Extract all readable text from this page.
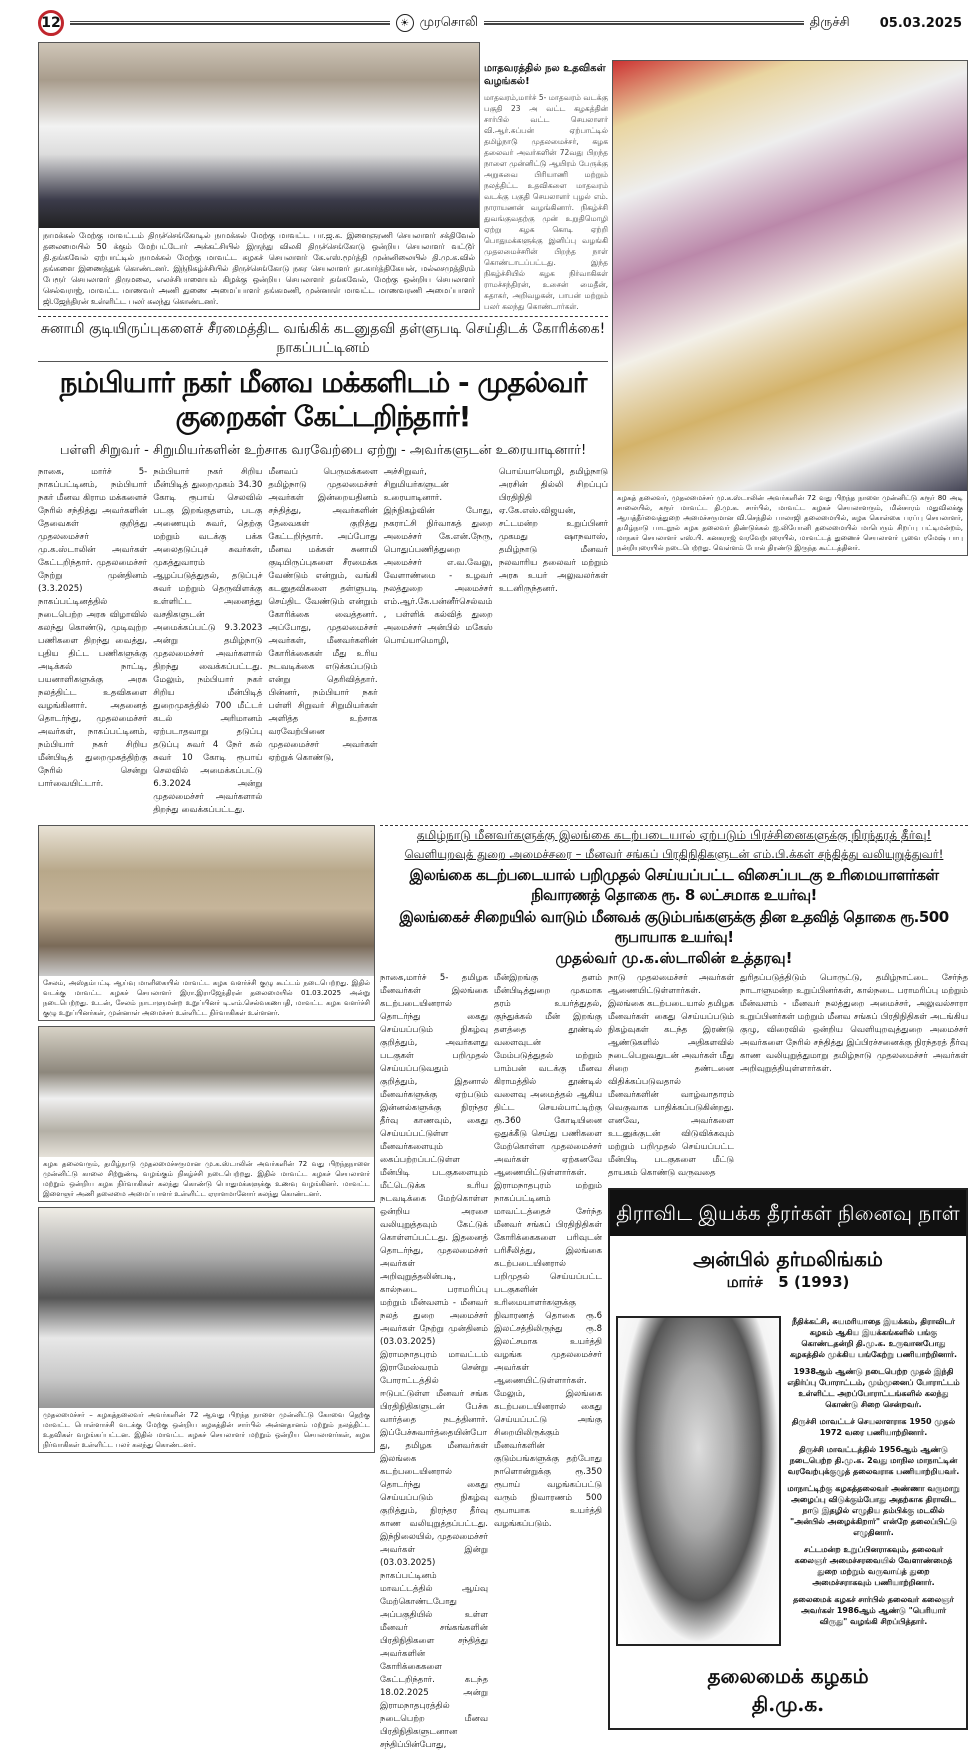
12	☀ முரசொலி	திருச்சி 05.03.2025
நாமக்கல் மேற்கு மாவட்டம் திருச்செங்கோடில் நாமக்கல் மேற்கு மாவட்ட பா.ஜ.க. இளைஞரணி செயலாளர் சக்திவேல் தலைமையில் 50 க்கும் மேற்பட்டோர் அக்கட்சியில் இருந்து விலகி திருச்செங்கோடு ஒன்றிய செயலாளர் வட்டூர் தி.தங்கவேல் ஏற்பாட்டில் நாமக்கல் மேற்கு மாவட்ட கழகச் செயலாளர் கே.எஸ்.மூர்த்தி முன்னிலையில் தி.மு.க.வில் தங்களை இணைத்துக் கொண்டனர். இந்நிகழ்ச்சியில் திருச்செங்கோடு நகர செயலாளர் தா.கார்த்திகேயன், மல்லசமுத்திரம் பேரூர் செயலாளர் திருமலை, எலச்சிபாளையம் கிழக்கு ஒன்றிய செயலாளர் தங்கவேல், மேற்கு ஒன்றிய செயலாளர் செல்வராஜ், மாவட்ட மாணவர் அணி துணை அமைப்பாளர் தங்கமணி, முன்னாள் மாவட்ட மாணவரணி அமைப்பாளர் ஜி.ஜேந்திரன் உள்ளிட்ட பலர் கலந்து கொண்டனர்.
மாதவரத்தில் நல உதவிகள் வழங்கல்!
மாதவரம்,மார்ச் 5- மாதவரம் வடக்கு பகுதி 23 அ வட்ட கழகத்தின் சார்பில் வட்ட செயலாளர் வி.ஆர்.சுப்பன் ஏற்பாட்டில் தமிழ்நாடு முதலமைச்சர், கழக தலைவர் அவர்களின் 72வது பிறந்த நாளை முன்னிட்டு ஆயிரம் பேருக்கு அறுசுவை பிரியாணி மற்றும் நலத்திட்ட உதவிகளை மாதவரம் வடக்கு பகுதி செயலாளர் புழல் எம். நாராயணன் வழங்கினார். நிகழ்ச்சி துவங்குவதற்கு முன் உறுதிமொழி ஏற்று கழக கொடி ஏற்றி பொதுமக்களுக்கு இனிப்பு வழங்கி முதலமைச்சரின் பிறந்த நாள் கொண்டாடப்பட்டது. இந்த நிகழ்ச்சியில் கழக நிர்வாகிகள் ராமச்சந்திரன், உசைன் மைதீன், சுதாகர், அறிவழகன், பாபன் மற்றும் பலர் கலந்து கொண்டார்கள்.
சுனாமி குடியிருப்புகளைச் சீரமைத்திட வங்கிக் கடனுதவி தள்ளுபடி செய்திடக் கோரிக்கை! நாகப்பட்டினம்
நம்பியார் நகர் மீனவ மக்களிடம் - முதல்வர் குறைகள் கேட்டறிந்தார்!
பள்ளி சிறுவர் - சிறுமியர்களின் உற்சாக வரவேற்பை ஏற்று - அவர்களுடன் உரையாடினார்!
நாகை, மார்ச் 5- நாகப்பட்டினம், நம்பியார் நகர் மீனவ கிராம மக்களைச் நேரில் சந்தித்து அவர்களின் தேவைகள் குறித்து முதலமைச்சர் மு.க.ஸ்டாலின் அவர்கள் கேட்டறிந்தார். முதலமைச்சர் நேற்று முன்தினம் (3.3.2025) நாகப்பட்டினத்தில் நடைபெற்ற அரசு விழாவில் கலந்து கொண்டு, முடிவுற்ற பணிகளை திறந்து வைத்து, புதிய திட்ட பணிகளுக்கு அடிக்கல் நாட்டி, பயனாளிகளுக்கு அரசு நலத்திட்ட உதவிகளை வழங்கினார். அதனைத் தொடர்ந்து, முதலமைச்சர் அவர்கள், நாகப்பட்டினம், நம்பியார் நகர் சிறிய மீன்பிடித் துறைமுகத்திற்கு நேரில் சென்று பார்வையிட்டார்.
நம்பியார் நகர் சிறிய மீன்பிடித் துறைமுகம் 34.30 கோடி ரூபாய் செலவில் படகு இறங்குதளம், படகு அணையும் சுவர், தெற்கு மற்றும் வடக்கு பக்க அலைதடுப்புச் சுவர்கள், முகத்துவாரம் ஆழப்படுத்துதல், தடுப்புச் சுவர் மற்றும் தெருவிளக்கு உள்ளிட்ட அனைத்து வசதிகளுடன் அமைக்கப்பட்டு 9.3.2023 அன்று தமிழ்நாடு முதலமைச்சர் அவர்களால் திறந்து வைக்கப்பட்டது. மேலும், நம்பியார் நகர் சிறிய மீன்பிடித் துறைமுகத்தில் 700 மீட்டர் கடல் அரிமானம் ஏற்படாதவாறு தடுப்பு தடுப்பு சுவர் 4 நேர் கல் சுவர் 10 கோடி ரூபாய் செலவில் அமைக்கப்பட்டு 6.3.2024 அன்று முதலமைச்சர் அவர்களால் திறந்து வைக்கப்பட்டது.
மீனவப் பெருமக்களை தமிழ்நாடு முதலமைச்சர் அவர்கள் இன்றையதினம் சந்தித்து, அவர்களின் தேவைகள் குறித்து கேட்டறிந்தார். அப்போது மீனவ மக்கள் சுனாமி குடியிருப்புகளை சீரமைக்க வேண்டும் என்றும், வங்கி கடனுதவிகளை தள்ளுபடி செய்திட வேண்டும் என்றும் கோரிக்கை வைத்தனர். அப்போது, முதலமைச்சர் அவர்கள், மீனவர்களின் கோரிக்கைகள் மீது உரிய நடவடிக்கை எடுக்கப்படும் என்று தெரிவித்தார். பின்னர், நம்பியார் நகர் பள்ளி சிறுவர் சிறுமியர்கள் அளித்த உற்சாக வரவேற்பினை முதலமைச்சர் அவர்கள் ஏற்றுக் கொண்டு,
அச்சிறுவர், சிறுமியர்களுடன் உரையாடினார். இந்நிகழ்வின் போது, நகராட்சி நிர்வாகத் துறை அமைச்சர் கே.என்.நேரு, பொதுப்பணித்துறை அமைச்சர் எ.வ.வேலு, வேளாண்மை - உழவர் நலத்துறை அமைச்சர் எம்.ஆர்.கே.பன்னீர்செல்வம், பள்ளிக் கல்வித் துறை அமைச்சர் அன்பில் மகேஸ் பொய்யாமொழி,
பொய்யாமொழி, தமிழ்நாடு அரசின் தில்லி சிறப்புப் பிரதிநிதி ஏ.கே.எஸ்.விஜயன், சட்டமன்ற உறுப்பினர் முகமது ஷாநவாஸ், தமிழ்நாடு மீனவர் நலவாரிய தலைவர் மற்றும் அரசு உயர் அலுவலர்கள் உடனிருந்தனர்.
கழகத் தலைவர், முதலமைச்சர் மு.க.ஸ்டாலின் அவர்களின் 72 வது பிறந்த நாளை முன்னிட்டு கரூர் 80 அடி சாலையில், கரூர் மாவட்ட தி.மு.க. சார்பில், மாவட்ட கழகச் செயலாளரும், மின்சாரம் மதுவிலக்கு ஆயத்தீர்வைத்துறை அமைச்சருமான வி.செந்தில் பாலாஜி தலைமையில், கழக கொள்கை பரப்பு செயலாளர், தமிழ்நாடு பாடநூல் கழக தலைவர் திண்டுக்கல் ஐ.லியோனி தலைமையில் மாபெரும் சிறப்பு பட்டிமன்றம், மாநகர் செயலாளர் எஸ்.பி. கனகராஜ் வரவேற்புரையில், மாவட்டத் துணைச் செயலாளர் பூவை ரமேஷ் பாபு நன்றியுரையில் நடைபெற்றது. வெள்ளம் போல் திரண்டு இருந்த கூட்டத்தினர்.
சேலம், அஸ்தம்பட்டி ஆய்வு மாளிகையில் மாவட்ட கழக வளர்ச்சி குழு கூட்டம் நடைபெற்றது. இதில் வடக்கு மாவட்ட கழகச் செயலாளர் இரா.இராஜேந்திரன் தலைமையில் 01.03.2025 அன்று நடைபெற்றது. உடன், சேலம் நாடாளுமன்ற உறுப்பினர் டி.எம்.செல்வகணபதி, மாவட்ட கழக வளர்ச்சி குழு உறுப்பினர்கள், முன்னாள் அமைச்சர் உள்ளிட்ட நிர்வாகிகள் உள்ளனர்.
கழக தலைவரும், தமிழ்நாடு முதலமைச்சருமான மு.க.ஸ்டாலின் அவர்களின் 72 வது பிறந்தநாளை முன்னிட்டு காலை சிற்றுண்டி வழங்கும் நிகழ்ச்சி நடைபெற்றது. இதில் மாவட்ட கழகச் செயலாளர் மற்றும் ஒன்றிய கழக நிர்வாகிகள் கலந்து கொண்டு பொதுமக்களுக்கு உணவு வழங்கினர். மாவட்ட இளைஞர் அணி தலைமை அமைப்பாளர் உள்ளிட்ட ஏராளமானோர் கலந்து கொண்டனர்.
முதலமைச்சர் – கழகத்தலைவர் அவர்களின் 72 ஆவது பிறந்த நாளை முன்னிட்டு கோவை தெற்கு மாவட்ட பொள்ளாச்சி வடக்கு மேற்கு ஒன்றிய கழகத்தின் சார்பில் அன்னதானம் மற்றும் நலத்திட்ட உதவிகள் வழங்கப்பட்டன. இதில் மாவட்ட கழகச் செயலாளர் மற்றும் ஒன்றிய செயலாளர்கள், கழக நிர்வாகிகள் உள்ளிட்ட பலர் கலந்து கொண்டனர்.
தமிழ்நாடு மீனவர்களுக்கு இலங்கை கடற்படையால் ஏற்படும் பிரச்சினைகளுக்கு நிரந்தரத் தீர்வு!
வெளியுறவுத் துறை அமைச்சரை – மீனவர் சங்கப் பிரதிநிதிகளுடன் எம்.பி.க்கள் சந்தித்து வலியுறுத்துவர்!
இலங்கை கடற்படையால் பறிமுதல் செய்யப்பட்ட விசைப்படகு உரிமையாளர்கள் நிவாரணத் தொகை ரூ. 8 லட்சமாக உயர்வு!
இலங்கைச் சிறையில் வாடும் மீனவக் குடும்பங்களுக்கு தின உதவித் தொகை ரூ.500 ரூபாயாக உயர்வு!
முதல்வர் மு.க.ஸ்டாலின் உத்தரவு!
நாகை,மார்ச் 5- தமிழக மீனவர்கள் இலங்கை கடற்படையினரால் தொடர்ந்து கைது செய்யப்படும் நிகழ்வு குறித்தும், அவர்களது படகுகள் பறிமுதல் செய்யப்படுவதும் குறித்தும், இதனால் மீனவர்களுக்கு ஏற்படும் இன்னல்களுக்கு நிரந்தர தீர்வு காணவும், கைது செய்யப்பட்டுள்ள மீனவர்களையும் கைப்பற்றப்பட்டுள்ள மீன்பிடி படகுகளையும் மீட்டெடுக்க உரிய நடவடிக்கை மேற்கொள்ள ஒன்றிய அரசை வலியுறுத்தவும் கேட்டுக் கொள்ளப்பட்டது. இதனைத் தொடர்ந்து, முதலமைச்சர் அவர்கள் அறிவுறுத்தலின்படி, கால்நடை பராமரிப்பு மற்றும் மீன்வளம் - மீனவர் நலத் துறை அமைச்சர் அவர்கள் நேற்று முன்தினம் (03.03.2025) இராமநாதபுரம் மாவட்டம் இராமேஸ்வரம் சென்று போராட்டத்தில் ஈடுபட்டுள்ள மீனவர் சங்க பிரதிநிதிகளுடன் பேச்சு வார்த்தை நடத்தினார். இப்பேச்சுவார்த்தையின்போது, தமிழக மீனவர்கள் இலங்கை கடற்படையினரால் தொடர்ந்து கைது செய்யப்படும் நிகழ்வு குறித்தும், நிரந்தர தீர்வு காண வலியுறுத்தப்பட்டது. இந்நிலையில், முதலமைச்சர் அவர்கள் இன்று (03.03.2025) நாகப்பட்டினம் மாவட்டத்தில் ஆய்வு மேற்கொண்டபோது அப்பகுதியில் உள்ள மீனவர் சங்கங்களின் பிரதிநிதிகளை சந்தித்து அவர்களின் கோரிக்கைகளை கேட்டறிந்தார். கடந்த 18.02.2025 அன்று இராமநாதபுரத்தில் நடைபெற்ற மீனவ பிரதிநிதிகளுடனான சந்திப்பின்போது,
மீன்இறங்கு தளம் மீன்பிடித்துறை முகமாக தரம் உயர்த்துதல், குந்துக்கல் மீன் இறங்கு தளத்தை தூண்டில் வளைவுடன் மேம்படுத்துதல் மற்றும் பாம்பன் வடக்கு மீனவ கிராமத்தில் தூண்டில் வளைவு அமைத்தல் ஆகிய திட்ட செயல்பாட்டிற்கு ரூ.360 கோடியினை ஒதுக்கீடு செய்து பணிகளை மேற்கொள்ள முதலமைச்சர் அவர்கள் ஏற்கனவே ஆணையிட்டுள்ளார்கள். இராமநாதபுரம் மற்றும் நாகப்பட்டினம் மாவட்டத்தைச் சேர்ந்த மீனவர் சங்கப் பிரதிநிதிகள் கோரிக்கைகளை பரிவுடன் பரிசீலித்து, இலங்கை கடற்படையினரால் பறிமுதல் செய்யப்பட்ட படகுகளின் உரிமையாளர்களுக்கு நிவாரணத் தொகை ரூ.6 இலட்சத்திலிருந்து ரூ.8 இலட்சமாக உயர்த்தி வழங்க முதலமைச்சர் அவர்கள் ஆணையிட்டுள்ளார்கள். மேலும், இலங்கை கடற்படையினரால் கைது செய்யப்பட்டு அங்கு சிறையிலிருக்கும் மீனவர்களின் குடும்பங்களுக்கு தற்போது நாளொன்றுக்கு ரூ.350 ரூபாய் வழங்கப்பட்டு வரும் நிவாரணம் 500 ரூபாயாக உயர்த்தி வழங்கப்படும்.
நாடு முதலமைச்சர் அவர்கள் ஆணையிட்டுள்ளார்கள். இலங்கை கடற்படையால் தமிழக மீனவர்கள் கைது செய்யப்படும் நிகழ்வுகள் கடந்த இரண்டு ஆண்டுகளில் அதிகளவில் நடைபெறுவதுடன் அவர்கள் மீது சிறை தண்டனை விதிக்கப்படுவதால் மீனவர்களின் வாழ்வாதாரம் வெகுவாக பாதிக்கப்படுகின்றது. எனவே, அவர்களை உடனுக்குடன் விடுவிக்கவும் மற்றும் பறிமுதல் செய்யப்பட்ட மீன்பிடி படகுகளை மீட்டு தாயகம் கொண்டு வருவதை
துரிதப்படுத்திடும் பொருட்டு, தமிழ்நாட்டை சேர்ந்த நாடாளுமன்ற உறுப்பினர்கள், கால்நடை பராமரிப்பு மற்றும் மீன்வளம் - மீனவர் நலத்துறை அமைச்சர், அலுவல்சாரா உறுப்பினர்கள் மற்றும் மீனவ சங்கப் பிரதிநிதிகள் அடங்கிய குழு, விரைவில் ஒன்றிய வெளியுறவுத்துறை அமைச்சர் அவர்களை நேரில் சந்தித்து இப்பிரச்சனைக்கு நிரந்தரத் தீர்வு காண வலியுறுத்துமாறு தமிழ்நாடு முதலமைச்சர் அவர்கள் அறிவுறுத்தியுள்ளார்கள்.
திராவிட இயக்க தீரர்கள் நினைவு நாள்
அன்பில் தர்மலிங்கம்
மார்ச்   5 (1993)

நீதிக்கட்சி, சுயமரியாதை இயக்கம், திராவிடர் கழகம் ஆகிய இயக்கங்களில் பங்கு கொண்டதன்றி தி.மு.க. உருவானபோது கழகத்தில் முக்கிய பங்கேற்று பணியாற்றினார்.

1938ஆம் ஆண்டு நடைபெற்ற முதல் இந்தி எதிர்ப்பு போராட்டம், மும்முனைப் போராட்டம் உள்ளிட்ட அறப்போராட்டங்களில் கலந்து கொண்டு சிறை சென்றவர்.

திருச்சி மாவட்டச் செயலாளராக 1950 முதல் 1972 வரை பணியாற்றினார்.

திருச்சி மாவட்டத்தில் 1956ஆம் ஆண்டு நடைபெற்ற தி.மு.க. 2வது மாநில மாநாட்டின் வரவேற்புக்குழுத் தலைவராக பணியாற்றியவர்.

மாநாட்டிற்கு கழகத்தலைவர் அண்ணா வருமாறு அழைப்பு விடுக்கும்போது அதற்காக திராவிட நாடு இதழில் எழுதிய தம்பிக்கு மடலில் "அன்பில் அழைக்கிறார்" என்றே தலைப்பிட்டு எழுதினார்.

சட்டமன்ற உறுப்பினராகவும், தலைவர் கலைஞர் அமைச்சரவையில் வேளாண்மைத் துறை மற்றும் வருவாய்த் துறை அமைச்சராகவும் பணியாற்றினார்.

தலைமைக் கழகச் சார்பில் தலைவர் கலைஞர் அவர்கள் 1986ஆம் ஆண்டு "பெரியார் விருது" வழங்கி சிறப்பித்தார்.

தலைமைக் கழகம்
தி.மு.க.
